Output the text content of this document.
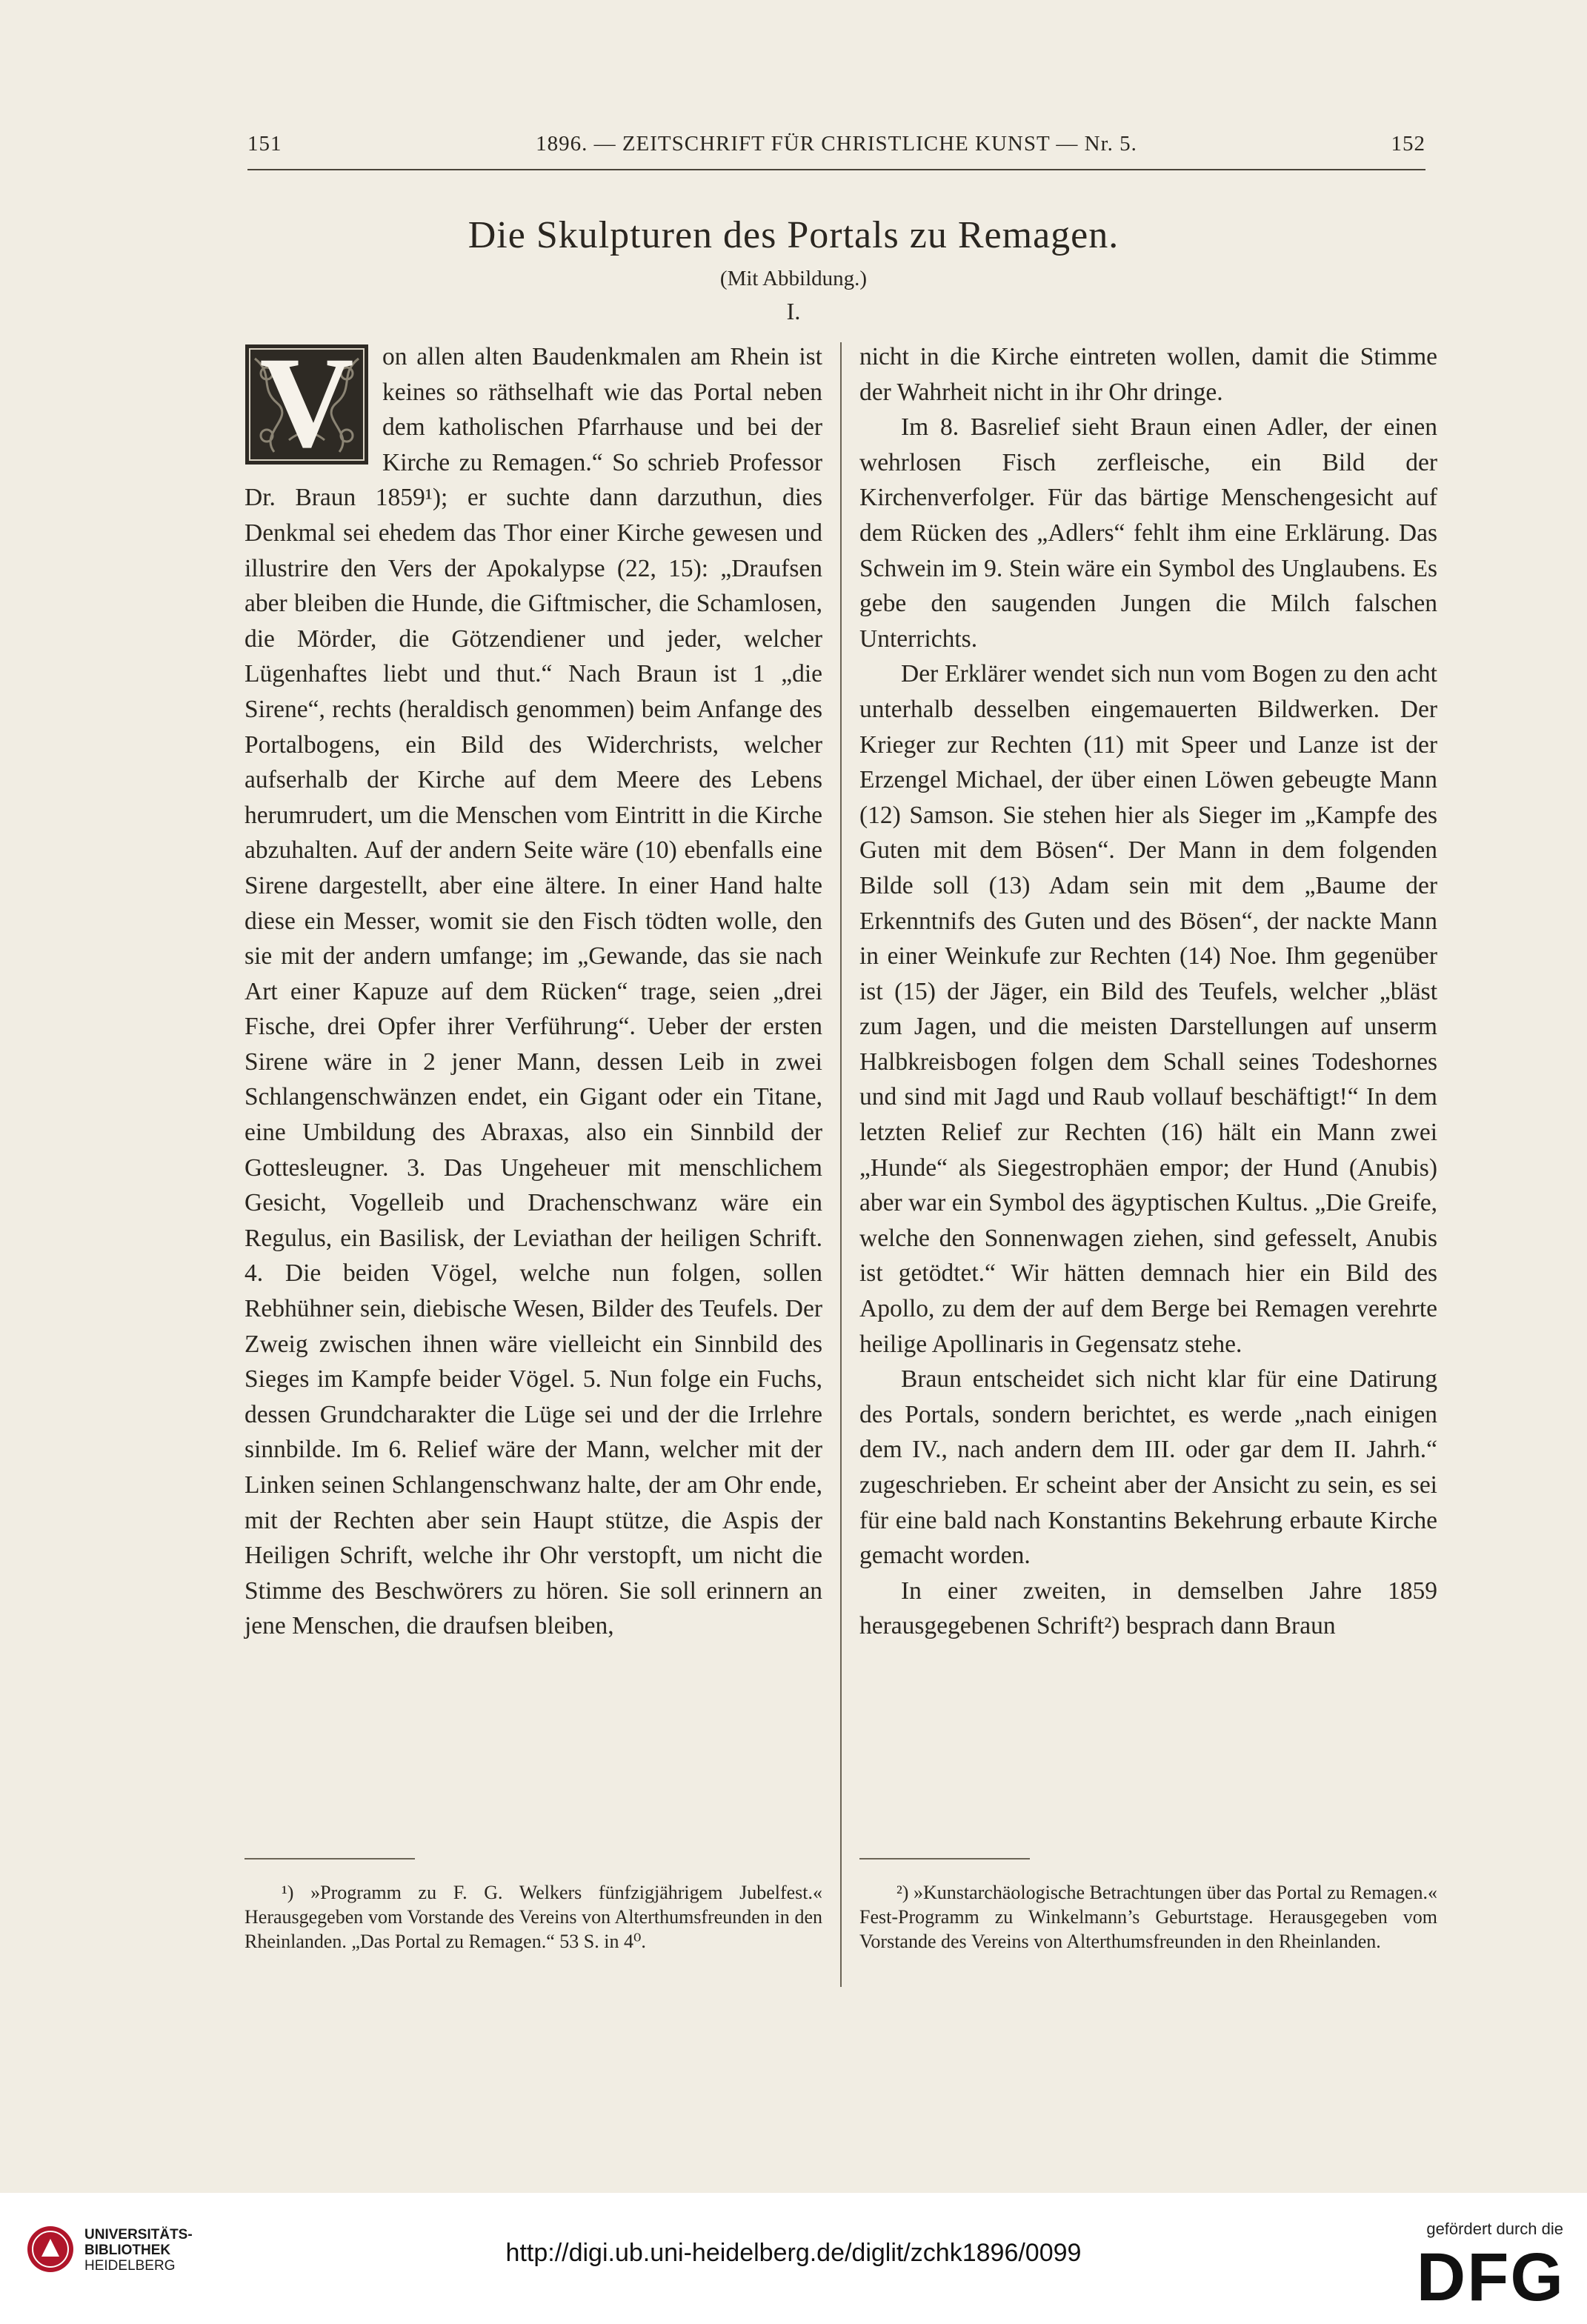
151	1896. — ZEITSCHRIFT FÜR CHRISTLICHE KUNST — Nr. 5.	152
Die Skulpturen des Portals zu Remagen.
(Mit Abbildung.)
I.
V	on allen alten Baudenkmalen am Rhein ist keines so räthselhaft wie das Portal neben dem katholischen Pfarrhause und bei der Kirche zu Remagen.“ So schrieb Professor Dr. Braun 1859¹); er suchte dann darzuthun, dies Denkmal sei ehedem das Thor einer Kirche gewesen und illustrire den Vers der Apokalypse (22, 15): „Draufsen aber bleiben die Hunde, die Giftmischer, die Schamlosen, die Mörder, die Götzendiener und jeder, welcher Lügenhaftes liebt und thut.“ Nach Braun ist 1 „die Sirene“, rechts (heraldisch genommen) beim Anfange des Portalbogens, ein Bild des Widerchrists, welcher aufserhalb der Kirche auf dem Meere des Lebens herumrudert, um die Menschen vom Eintritt in die Kirche abzuhalten. Auf der andern Seite wäre (10) ebenfalls eine Sirene dargestellt, aber eine ältere. In einer Hand halte diese ein Messer, womit sie den Fisch tödten wolle, den sie mit der andern umfange; im „Gewande, das sie nach Art einer Kapuze auf dem Rücken“ trage, seien „drei Fische, drei Opfer ihrer Verführung“. Ueber der ersten Sirene wäre in 2 jener Mann, dessen Leib in zwei Schlangenschwänzen endet, ein Gigant oder ein Titane, eine Umbildung des Abraxas, also ein Sinnbild der Gottesleugner. 3. Das Ungeheuer mit menschlichem Gesicht, Vogelleib und Drachenschwanz wäre ein Regulus, ein Basilisk, der Leviathan der heiligen Schrift. 4. Die beiden Vögel, welche nun folgen, sollen Rebhühner sein, diebische Wesen, Bilder des Teufels. Der Zweig zwischen ihnen wäre vielleicht ein Sinnbild des Sieges im Kampfe beider Vögel. 5. Nun folge ein Fuchs, dessen Grundcharakter die Lüge sei und der die Irrlehre sinnbilde. Im 6. Relief wäre der Mann, welcher mit der Linken seinen Schlangenschwanz halte, der am Ohr ende, mit der Rechten aber sein Haupt stütze, die Aspis der Heiligen Schrift, welche ihr Ohr verstopft, um nicht die Stimme des Beschwörers zu hören. Sie soll erinnern an jene Menschen, die draufsen bleiben,

nicht in die Kirche eintreten wollen, damit die Stimme der Wahrheit nicht in ihr Ohr dringe.

Im 8. Basrelief sieht Braun einen Adler, der einen wehrlosen Fisch zerfleische, ein Bild der Kirchenverfolger. Für das bärtige Menschengesicht auf dem Rücken des „Adlers“ fehlt ihm eine Erklärung. Das Schwein im 9. Stein wäre ein Symbol des Unglaubens. Es gebe den saugenden Jungen die Milch falschen Unterrichts.

Der Erklärer wendet sich nun vom Bogen zu den acht unterhalb desselben eingemauerten Bildwerken. Der Krieger zur Rechten (11) mit Speer und Lanze ist der Erzengel Michael, der über einen Löwen gebeugte Mann (12) Samson. Sie stehen hier als Sieger im „Kampfe des Guten mit dem Bösen“. Der Mann in dem folgenden Bilde soll (13) Adam sein mit dem „Baume der Erkenntnifs des Guten und des Bösen“, der nackte Mann in einer Weinkufe zur Rechten (14) Noe. Ihm gegenüber ist (15) der Jäger, ein Bild des Teufels, welcher „bläst zum Jagen, und die meisten Darstellungen auf unserm Halbkreisbogen folgen dem Schall seines Todeshornes und sind mit Jagd und Raub vollauf beschäftigt!“ In dem letzten Relief zur Rechten (16) hält ein Mann zwei „Hunde“ als Siegestrophäen empor; der Hund (Anubis) aber war ein Symbol des ägyptischen Kultus. „Die Greife, welche den Sonnenwagen ziehen, sind gefesselt, Anubis ist getödtet.“ Wir hätten demnach hier ein Bild des Apollo, zu dem der auf dem Berge bei Remagen verehrte heilige Apollinaris in Gegensatz stehe.

Braun entscheidet sich nicht klar für eine Datirung des Portals, sondern berichtet, es werde „nach einigen dem IV., nach andern dem III. oder gar dem II. Jahrh.“ zugeschrieben. Er scheint aber der Ansicht zu sein, es sei für eine bald nach Konstantins Bekehrung erbaute Kirche gemacht worden.

In einer zweiten, in demselben Jahre 1859 herausgegebenen Schrift²) besprach dann Braun

¹) »Programm zu F. G. Welkers fünfzigjährigem Jubelfest.« Herausgegeben vom Vorstande des Vereins von Alterthumsfreunden in den Rheinlanden. „Das Portal zu Remagen.“ 53 S. in 4⁰.
²) »Kunstarchäologische Betrachtungen über das Portal zu Remagen.« Fest-Programm zu Winkelmann’s Geburtstage. Herausgegeben vom Vorstande des Vereins von Alterthumsfreunden in den Rheinlanden.
UNIVERSITÄTS-
BIBLIOTHEK
HEIDELBERG	http://digi.ub.uni-heidelberg.de/diglit/zchk1896/0099
gefördert durch die
DFG
